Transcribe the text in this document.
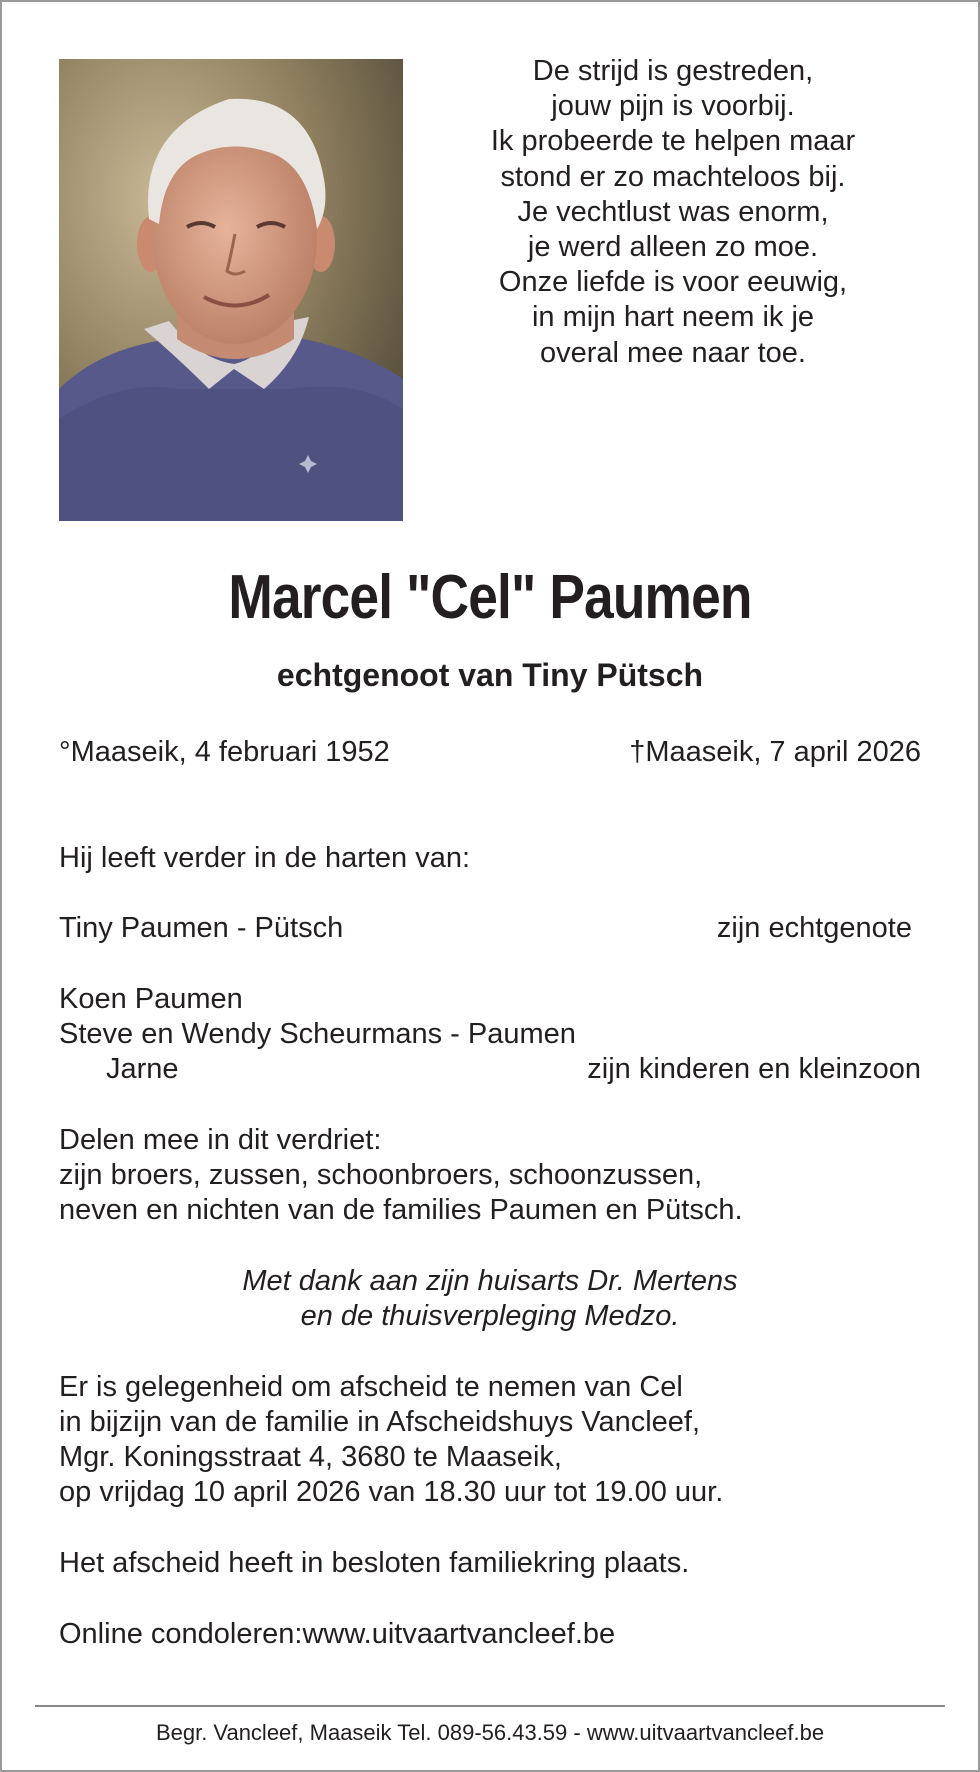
De strijd is gestreden,
jouw pijn is voorbij.
Ik probeerde te helpen maar
stond er zo machteloos bij.
Je vechtlust was enorm,
je werd alleen zo moe.
Onze liefde is voor eeuwig,
in mijn hart neem ik je
overal mee naar toe.
Marcel "Cel" Paumen
echtgenoot van Tiny Pütsch
°Maaseik, 4 februari 1952	†Maaseik, 7 april 2026
Hij leeft verder in de harten van:
Tiny Paumen - Pütsch	zijn echtgenote
Koen Paumen
Steve en Wendy Scheurmans - Paumen
Jarne	zijn kinderen en kleinzoon
Delen mee in dit verdriet:
zijn broers, zussen, schoonbroers, schoonzussen,
neven en nichten van de families Paumen en Pütsch.
Met dank aan zijn huisarts Dr. Mertens
en de thuisverpleging Medzo.
Er is gelegenheid om afscheid te nemen van Cel
in bijzijn van de familie in Afscheidshuys Vancleef,
Mgr. Koningsstraat 4, 3680 te Maaseik,
op vrijdag 10 april 2026 van 18.30 uur tot 19.00 uur.
Het afscheid heeft in besloten familiekring plaats.
Online condoleren:www.uitvaartvancleef.be
Begr. Vancleef, Maaseik Tel. 089-56.43.59 - www.uitvaartvancleef.be
